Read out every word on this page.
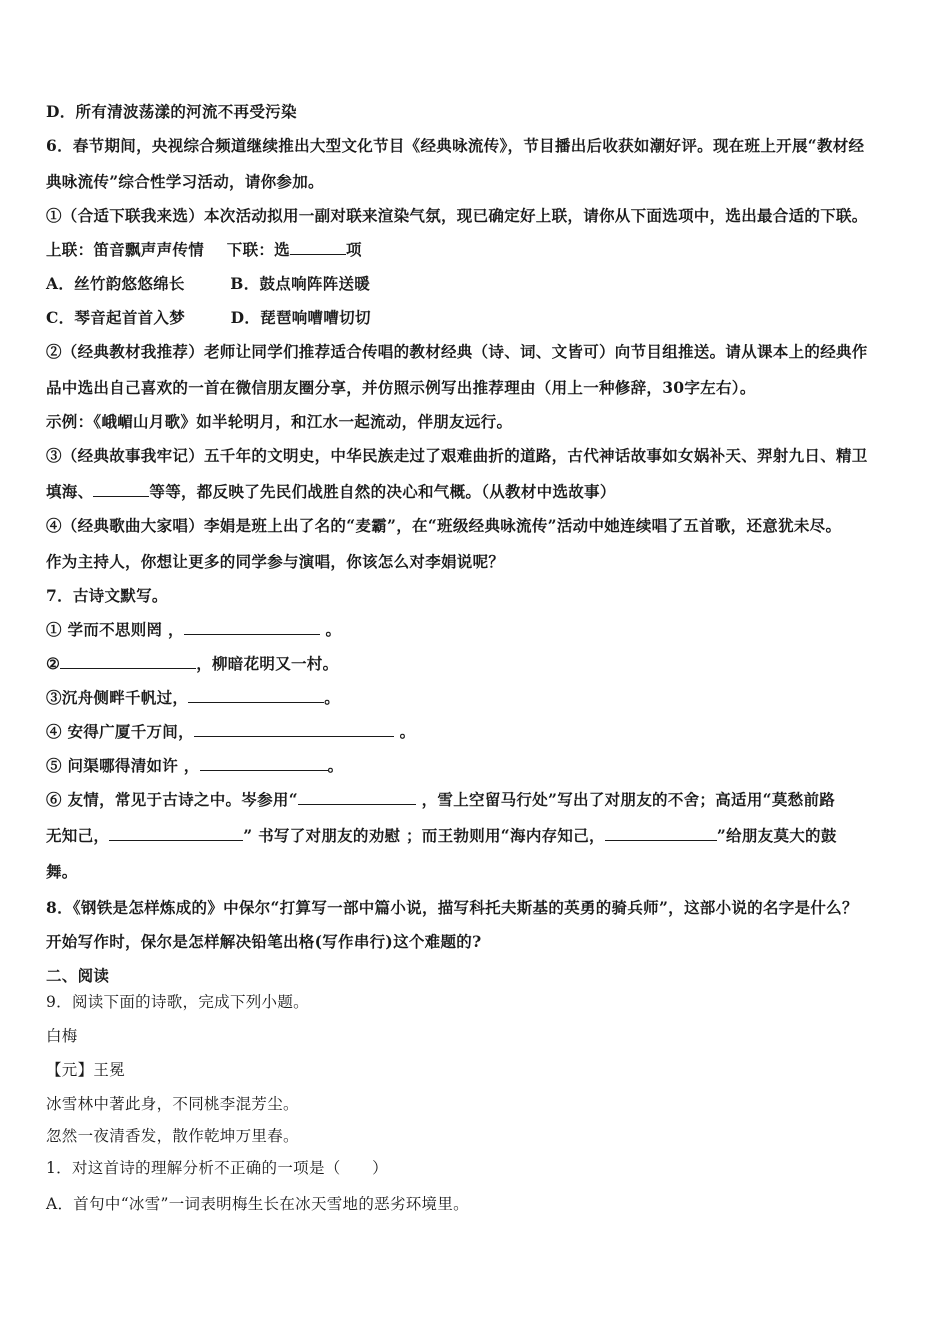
D．所有清波荡漾的河流不再受污染
6．春节期间，央视综合频道继续推出大型文化节目《经典咏流传》，节目播出后收获如潮好评。现在班上开展“教材经
典咏流传”综合性学习活动，请你参加。
①（合适下联我来选）本次活动拟用一副对联来渲染气氛，现已确定好上联，请你从下面选项中，选出最合适的下联。
上联：笛音飘声声传情    下联：选	项
A．丝竹韵悠悠绵长        B．鼓点响阵阵送暖
C．琴音起首首入梦        D．琵琶响嘈嘈切切
②（经典教材我推荐）老师让同学们推荐适合传唱的教材经典（诗、词、文皆可）向节目组推送。请从课本上的经典作
品中选出自己喜欢的一首在微信朋友圈分享，并仿照示例写出推荐理由（用上一种修辞，30字左右）。
示例：《峨嵋山月歌》如半轮明月，和江水一起流动，伴朋友远行。
③（经典故事我牢记）五千年的文明史，中华民族走过了艰难曲折的道路，古代神话故事如女娲补天、羿射九日、精卫
填海、	等等，都反映了先民们战胜自然的决心和气概。（从教材中选故事）
④（经典歌曲大家唱）李娟是班上出了名的“麦霸”，在“班级经典咏流传”活动中她连续唱了五首歌，还意犹未尽。
作为主持人，你想让更多的同学参与演唱，你该怎么对李娟说呢？
7．古诗文默写。
① 学而不思则罔 ，	。
②	，柳暗花明又一村。
③沉舟侧畔千帆过，	。
④ 安得广厦千万间，	。
⑤ 问渠哪得清如许 ，	。
⑥ 友情，常见于古诗之中。岑参用“	，雪上空留马行处”写出了对朋友的不舍；高适用“莫愁前路
无知己，	” 书写了对朋友的劝慰 ；而王勃则用“海内存知己，	”给朋友莫大的鼓
舞。
8．《钢铁是怎样炼成的》中保尔“打算写一部中篇小说，描写科托夫斯基的英勇的骑兵师”，这部小说的名字是什么？
开始写作时，保尔是怎样解决铅笔出格(写作串行)这个难题的?
二、阅读
9．阅读下面的诗歌，完成下列小题。
白梅
【元】王冕
冰雪林中著此身，不同桃李混芳尘。
忽然一夜清香发，散作乾坤万里春。
1．对这首诗的理解分析不正确的一项是（　　）
A．首句中“冰雪”一词表明梅生长在冰天雪地的恶劣环境里。
